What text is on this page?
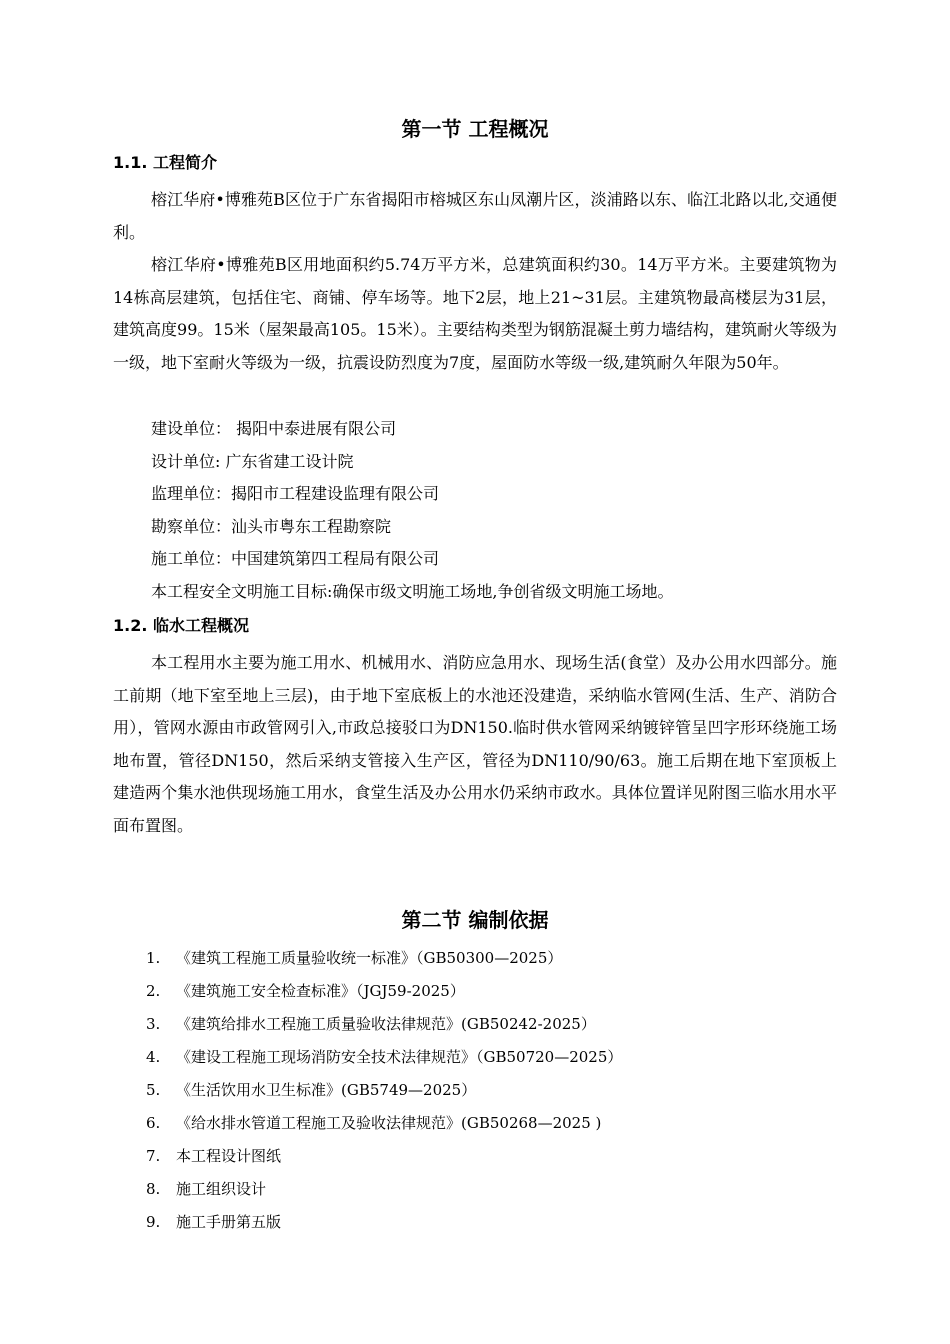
第一节 工程概况
1.1. 工程简介

榕江华府•博雅苑B区位于广东省揭阳市榕城区东山凤潮片区，淡浦路以东、临江北路以北,交通便利。

榕江华府•博雅苑B区用地面积约5.74万平方米，总建筑面积约30。14万平方米。主要建筑物为14栋高层建筑，包括住宅、商铺、停车场等。地下2层，地上21~31层。主建筑物最高楼层为31层，建筑高度99。15米（屋架最高105。15米）。主要结构类型为钢筋混凝土剪力墙结构，建筑耐火等级为一级，地下室耐火等级为一级，抗震设防烈度为7度，屋面防水等级一级,建筑耐久年限为50年。

建设单位： 揭阳中泰进展有限公司
设计单位: 广东省建工设计院
监理单位：揭阳市工程建设监理有限公司
勘察单位：汕头市粤东工程勘察院
施工单位：中国建筑第四工程局有限公司
本工程安全文明施工目标:确保市级文明施工场地,争创省级文明施工场地。
1.2. 临水工程概况

本工程用水主要为施工用水、机械用水、消防应急用水、现场生活(食堂）及办公用水四部分。施工前期（地下室至地上三层)，由于地下室底板上的水池还没建造，采纳临水管网(生活、生产、消防合用），管网水源由市政管网引入,市政总接驳口为DN150.临时供水管网采纳镀锌管呈凹字形环绕施工场地布置，管径DN150，然后采纳支管接入生产区，管径为DN110/90/63。施工后期在地下室顶板上建造两个集水池供现场施工用水，食堂生活及办公用水仍采纳市政水。具体位置详见附图三临水用水平面布置图。

第二节 编制依据
1. 《建筑工程施工质量验收统一标准》（GB50300—2025）
2. 《建筑施工安全检查标准》（JGJ59-2025）
3. 《建筑给排水工程施工质量验收法律规范》(GB50242-2025）
4. 《建设工程施工现场消防安全技术法律规范》（GB50720—2025）
5. 《生活饮用水卫生标准》(GB5749—2025）
6. 《给水排水管道工程施工及验收法律规范》(GB50268—2025 )
7. 本工程设计图纸
8. 施工组织设计
9. 施工手册第五版
